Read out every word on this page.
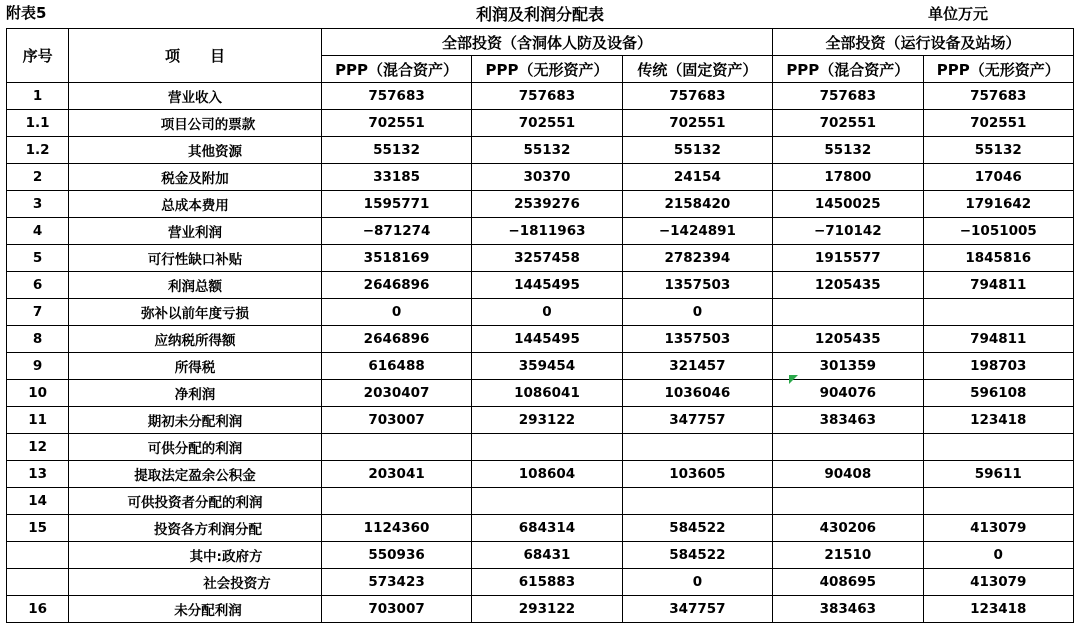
附表5	利润及利润分配表	单位万元
序号	项　　目	全部投资（含洞体人防及设备）			全部投资（运行设备及站场）	
		PPP（混合资产）	PPP（无形资产）	传统（固定资产）	PPP（混合资产）	PPP（无形资产）
1	营业收入	757683	757683	757683	757683	757683
1.1	项目公司的票款	702551	702551	702551	702551	702551
1.2	其他资源	55132	55132	55132	55132	55132
2	税金及附加	33185	30370	24154	17800	17046
3	总成本费用	1595771	2539276	2158420	1450025	1791642
4	营业利润	−871274	−1811963	−1424891	−710142	−1051005
5	可行性缺口补贴	3518169	3257458	2782394	1915577	1845816
6	利润总额	2646896	1445495	1357503	1205435	794811
7	弥补以前年度亏损	0	0	0		
8	应纳税所得额	2646896	1445495	1357503	1205435	794811
9	所得税	616488	359454	321457	301359	198703
10	净利润	2030407	1086041	1036046	904076	596108
11	期初未分配利润	703007	293122	347757	383463	123418
12	可供分配的利润					
13	提取法定盈余公积金	203041	108604	103605	90408	59611
14	可供投资者分配的利润					
15	投资各方利润分配	1124360	684314	584522	430206	413079
	其中:政府方	550936	68431	584522	21510	0
	社会投资方	573423	615883	0	408695	413079
16	未分配利润	703007	293122	347757	383463	123418
